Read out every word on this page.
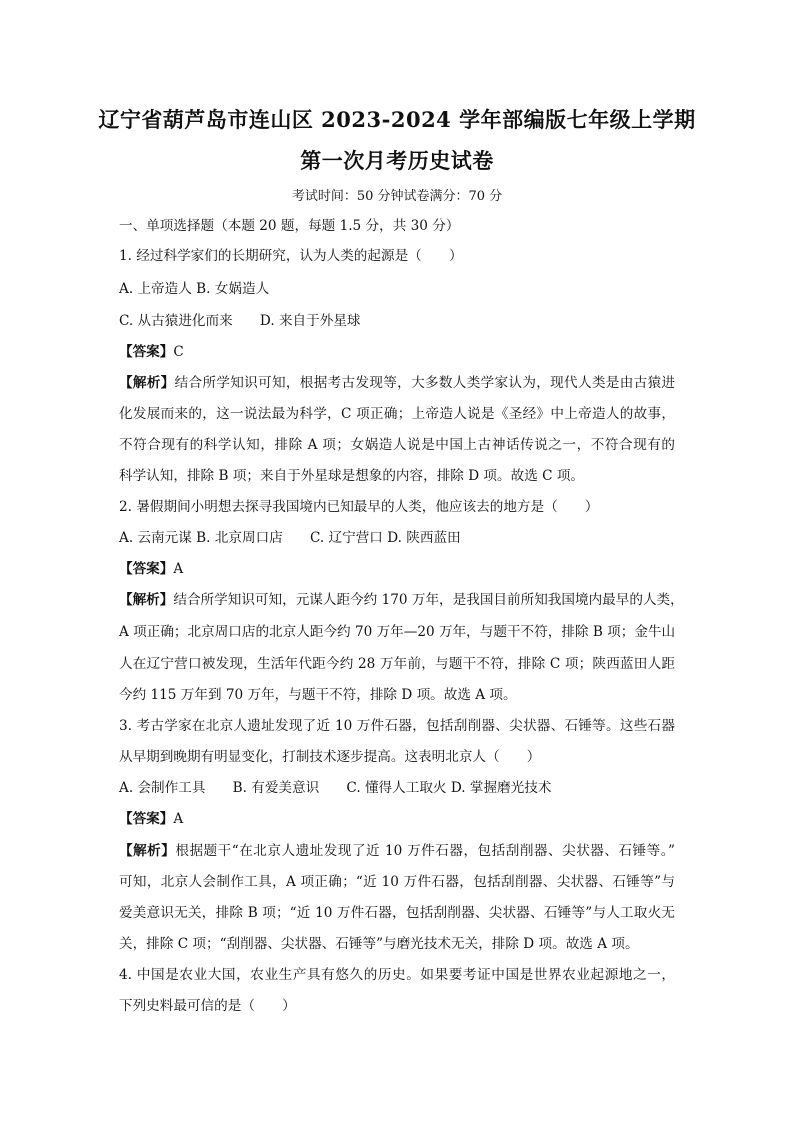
辽宁省葫芦岛市连山区 2023-2024 学年部编版七年级上学期
第一次月考历史试卷
考试时间：50 分钟试卷满分：70 分
一、单项选择题（本题 20 题，每题 1.5 分，共 30 分）
1. 经过科学家们的长期研究，认为人类的起源是（　　）
A. 上帝造人 B. 女娲造人
C. 从古猿进化而来　　D. 来自于外星球
【答案】C
【解析】结合所学知识可知，根据考古发现等，大多数人类学家认为，现代人类是由古猿进
化发展而来的，这一说法最为科学，C 项正确；上帝造人说是《圣经》中上帝造人的故事，
不符合现有的科学认知，排除 A 项；女娲造人说是中国上古神话传说之一，不符合现有的
科学认知，排除 B 项；来自于外星球是想象的内容，排除 D 项。故选 C 项。
2. 暑假期间小明想去探寻我国境内已知最早的人类，他应该去的地方是（　　）
A. 云南元谋 B. 北京周口店　　C. 辽宁营口 D. 陕西蓝田
【答案】A
【解析】结合所学知识可知，元谋人距今约 170 万年，是我国目前所知我国境内最早的人类，
A 项正确；北京周口店的北京人距今约 70 万年—20 万年，与题干不符，排除 B 项；金牛山
人在辽宁营口被发现，生活年代距今约 28 万年前，与题干不符，排除 C 项；陕西蓝田人距
今约 115 万年到 70 万年，与题干不符，排除 D 项。故选 A 项。
3. 考古学家在北京人遗址发现了近 10 万件石器，包括刮削器、尖状器、石锤等。这些石器
从早期到晚期有明显变化，打制技术逐步提高。这表明北京人（　　）
A. 会制作工具　　B. 有爱美意识　　C. 懂得人工取火 D. 掌握磨光技术
【答案】A
【解析】根据题干“在北京人遗址发现了近 10 万件石器，包括刮削器、尖状器、石锤等。”
可知，北京人会制作工具，A 项正确；“近 10 万件石器，包括刮削器、尖状器、石锤等”与
爱美意识无关，排除 B 项；“近 10 万件石器，包括刮削器、尖状器、石锤等”与人工取火无
关，排除 C 项；“刮削器、尖状器、石锤等”与磨光技术无关，排除 D 项。故选 A 项。
4. 中国是农业大国，农业生产具有悠久的历史。如果要考证中国是世界农业起源地之一，
下列史料最可信的是（　　）
